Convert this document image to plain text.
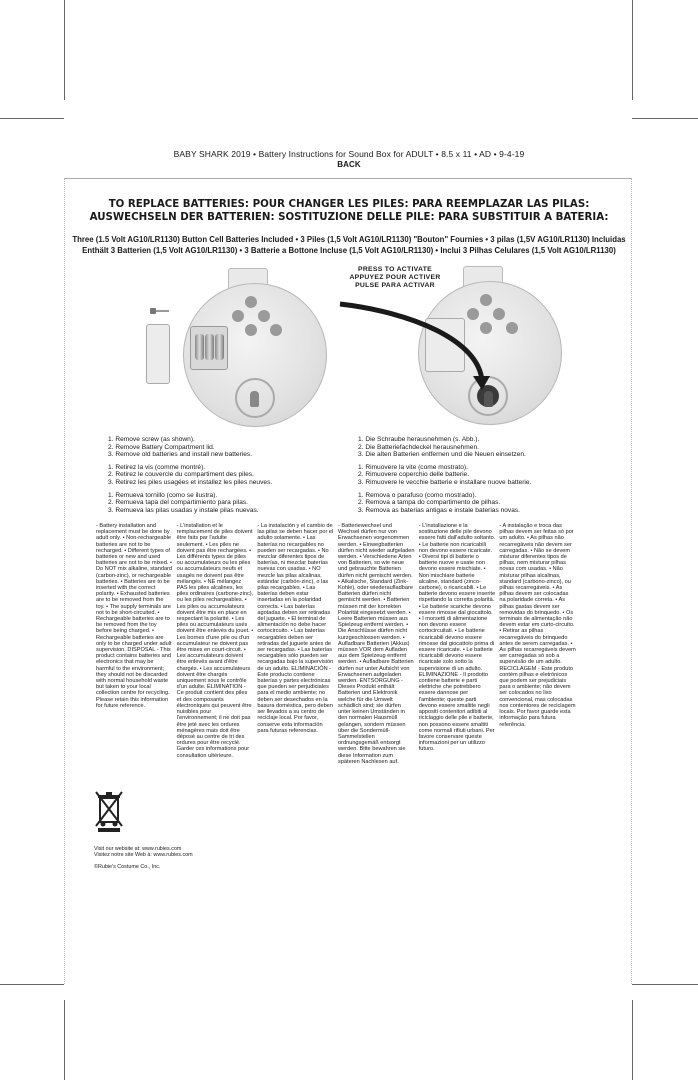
BABY SHARK 2019 • Battery Instructions for Sound Box for ADULT • 8.5 x 11 • AD • 9-4-19
BACK
TO REPLACE BATTERIES: POUR CHANGER LES PILES: PARA REEMPLAZAR LAS PILAS:
AUSWECHSELN DER BATTERIEN: SOSTITUZIONE DELLE PILE: PARA SUBSTITUIR A BATERIA:
Three (1.5 Volt AG10/LR1130) Button Cell Batteries Included • 3 Piles (1,5 Volt AG10/LR1130) "Bouton" Fournies • 3 pilas (1,5V AG10/LR1130) Incluidas
Enthält 3 Batterien (1,5 Volt AG10/LR1130) • 3 Batterie a Bottone Incluse (1,5 Volt AG10/LR1130) • Inclui 3 Pilhas Celulares (1,5 Volt AG10/LR1130)
PRESS TO ACTIVATE
APPUYEZ POUR ACTIVER
PULSE PARA ACTIVAR
1. Remove screw (as shown).
2. Remove Battery Compartment lid.
3. Remove old batteries and install new batteries.
1. Retirez la vis (comme montré).
2. Retirez le couvercle du compartiment des piles.
3. Retirez les piles usagées et installez les piles neuves.
1. Remueva tornillo (como se ilustra).
2. Remueva tapa del compartimiento para pilas.
3. Remueva las pilas usadas y instale pilas nuevas.
1. Die Schraube herausnehmen (s. Abb.).
2. Die Batteriefachdeckel herausnehmen.
3. Die alten Batterien entfernen und die Neuen einsetzen.
1. Rimuovere la vite (come mostrato).
2. Rimuovere coperchio delle batterie.
3. Rimuovere le vecchie batterie e installare nuove batterie.
1. Remova o parafuso (como mostrado).
2. Remova a tampa do compartimento de pilhas.
3. Remova as baterias antigas e instale baterias novas.
- Battery installation and replacement must be done by adult only. • Non-rechargeable batteries are not to be recharged. • Different types of batteries or new and used batteries are not to be mixed. • Do NOT mix alkaline, standard (carbon-zinc), or rechargeable batteries. • Batteries are to be inserted with the correct polarity. • Exhausted batteries are to be removed from the toy. • The supply terminals are not to be short-circuited. • Rechargeable batteries are to be removed from the toy before being charged. • Rechargeable batteries are only to be charged under adult supervision. DISPOSAL - This product contains batteries and electronics that may be harmful to the environment; they should not be discarded with normal household waste but taken to your local collection centre for recycling. Please retain this information for future reference.
- L'installation et le remplacement de piles doivent être faits par l'adulte seulement. • Les piles ne doivent pas être rechargées. • Les différents types de piles ou accumulateurs ou les piles ou accumulateurs neufs et usagés ne doivent pas être mélangés. • NE mélangez PAS les piles alcalines, les piles ordinaires (carbone-zinc), ou les piles rechargeables. • Les piles ou accumulateurs doivent être mis en place en respectant la polarité. • Les piles ou accumulateurs usés doivent être enlevés du jouet. • Les bornes d'une pile ou d'un accumulateur ne doivent pas être mises en court-circuit. • Les accumulateurs doivent être enlevés avant d'être chargés. • Les accumulateurs doivent être chargés uniquement sous le contrôle d'un adulte. ÉLIMINATION - Ce produit contient des piles et des composants électroniques qui peuvent être nuisibles pour l'environnement; il ne doit pas être jeté avec les ordures ménagères mais doit être déposé au centre de tri des ordures pour être recyclé. Garder ces informations pour consultation ultérieure.
- La instalación y el cambio de las pilas se deben hacer por el adulto solamente. • Las baterías no recargables no pueden ser recargadas. • No mezclar diferentes tipos de baterías, ni mezclar baterías nuevas con usadas. • NO mezcle las pilas alcalinas, estándar (carbón-zinc), o las pilas recargables. • Las baterías deben estar insertadas en la polaridad correcta. • Las baterías agotadas deben ser retiradas del juguete. • El terminal de alimentación no debe hacer cortocircuito. • Las baterías recargables deben ser retiradas del juguete antes de ser recargadas. • Las baterías recargables sólo pueden ser recargadas bajo la supervisión de un adulto. ELIMINACIÓN - Este producto contiene baterías y partes electrónicas que pueden ser perjudiciales para el medio ambiente; no deben ser desechados en la basura doméstica, pero deben ser llevados a su centro de reciclaje local. Por favor, conserve esta información para futuras referencias.
- Batteriewechsel und Wechsel dürfen nur von Erwachsenen vorgenommen werden. • Einwegbatterien dürfen nicht wieder aufgeladen werden. • Verschiedene Arten von Batterien, so wie neue und gebrauchte Batterien dürfen nicht gemischt werden. • Alkalische, Standard (Zink-Kohle), oder wiederaufladbare Batterien dürfen nicht gemischt werden. • Batterien müssen mit der korrekten Polarität eingesetzt werden. • Leere Batterien müssen aus Spielzeug entfernt werden. • Die Anschlüsse dürfen nicht kurzgeschlossen werden. • Aufladbare Batterien (Akkus) müssen VOR dem Aufladen aus dem Spielzeug entfernt werden. • Aufladbare Batterien dürfen nur unter Aufsicht von Erwachsenen aufgeladen werden. ENTSORGUNG - Dieses Produkt enthält Batterien und Elektronik welche für die Umwelt schädlich sind; sie dürfen unter keinen Umständen in den normalen Hausmüll gelangen, sondern müssen über die Sondermüll-Sammelstellen ordnungsgemäß entsorgt werden. Bitte bewahren sie diese Information zum späteren Nachlesen auf.
- L'installazione e la sostituzione delle pile devono essere fatti dall'adulto soltanto. • Le batterie non ricaricabili non devono essere ricaricate. • Diversi tipi di batterie o batterie nuove e usate non devono essere mischiate. • Non mischiare batterie alcaline, standard (zinco-carbone), o ricaricabili. • Le batterie devono essere inserite rispettando la corretta polarità. • Le batterie scariche devono essere rimosse dal giocattolo. • I morsetti di alimentazione non devono essere cortocircuitati. • Le batterie ricaricabili devono essere rimosse dal giocattolo prima di essere ricaricate. • Le batterie ricaricabili devono essere ricaricate solo sotto la supervisione di un adulto. ELIMINAZIONE - Il prodotto contiene batterie e parti elettriche che potrebbero essere dannose per l'ambiente; queste parti devono essere smaltite negli appositi contenitori adibiti al riciclaggio delle pile e batterie, non possono essere smaltiti come normali rifiuti urbani. Per favore conservare queste informazioni per un utilizzo futuro.
- A instalação e troca das pilhas devem ser feitas só por um adulto. • As pilhas não recarregáveis não devem ser carregadas. • Não se devem misturar diferentes tipos de pilhas, nem misturar pilhas novas com usadas. • Não misturar pilhas alcalinas, standard (carbono-zinco), ou pilhas recarregáveis. • As pilhas devem ser colocadas na polaridade correta. • As pilhas gastas devem ser removidas do brinquedo. • Os terminais de alimentação não devem estar em curto-circuito. • Retirar as pilhas recarregáveis do brinquedo antes de serem carregadas. • As pilhas recarregáveis devem ser carregadas só sob a supervisão de um adulto. RECICLAGEM - Este produto contém pilhas e eletrónicos que podem ser prejudiciais para o ambiente; não devem ser colocados no lixo convencional, mas colocadas nos contentores de reciclagem locais. Por favor guarde esta informação para futura referência.
Visit our website at: www.rubies.com
Visitez notre site Web à: www.rubies.com
©Rubie's Costume Co., Inc.
